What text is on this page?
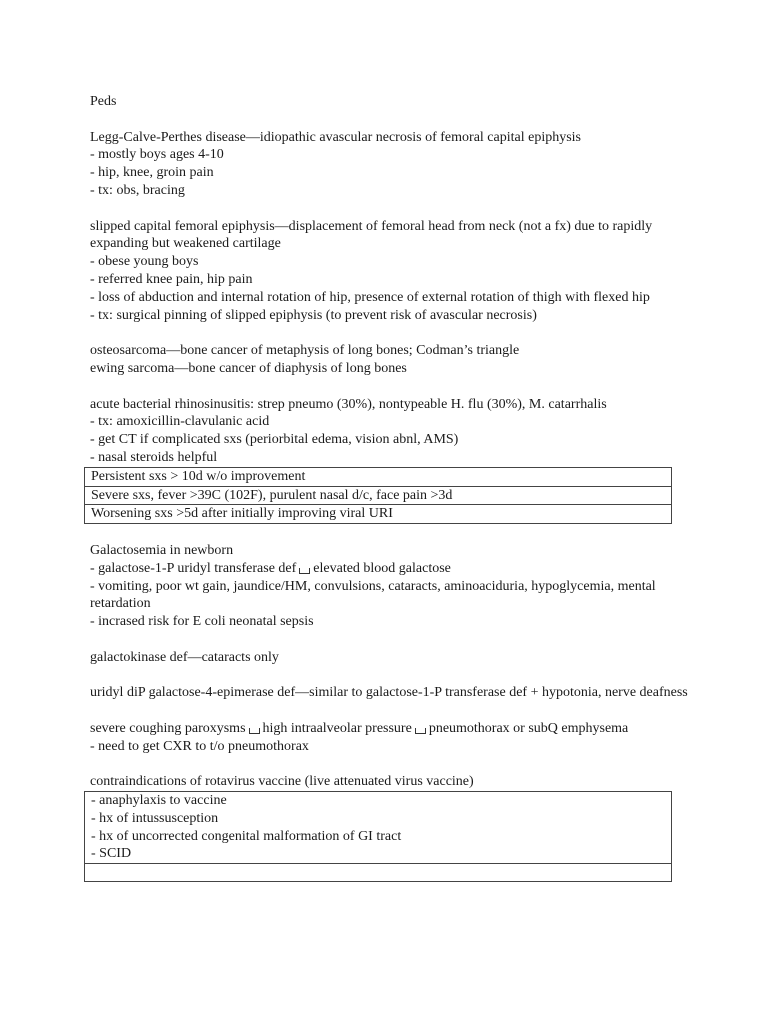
Peds
Legg-Calve-Perthes disease—idiopathic avascular necrosis of femoral capital epiphysis
- mostly boys ages 4-10
- hip, knee, groin pain
- tx: obs, bracing
slipped capital femoral epiphysis—displacement of femoral head from neck (not a fx) due to rapidly expanding but weakened cartilage
- obese young boys
- referred knee pain, hip pain
- loss of abduction and internal rotation of hip, presence of external rotation of thigh with flexed hip
- tx: surgical pinning of slipped epiphysis (to prevent risk of avascular necrosis)
osteosarcoma—bone cancer of metaphysis of long bones; Codman’s triangle
ewing sarcoma—bone cancer of diaphysis of long bones
acute bacterial rhinosinusitis: strep pneumo (30%), nontypeable H. flu (30%), M. catarrhalis
- tx: amoxicillin-clavulanic acid
- get CT if complicated sxs (periorbital edema, vision abnl, AMS)
- nasal steroids helpful
Persistent sxs > 10d w/o improvement
Severe sxs, fever >39C (102F), purulent nasal d/c, face pain >3d
Worsening sxs >5d after initially improving viral URI
Galactosemia in newborn
- galactose-1-P uridyl transferase def elevated blood galactose
- vomiting, poor wt gain, jaundice/HM, convulsions, cataracts, aminoaciduria, hypoglycemia, mental retardation
- incrased risk for E coli neonatal sepsis
galactokinase def—cataracts only
uridyl diP galactose-4-epimerase def—similar to galactose-1-P transferase def + hypotonia, nerve deafness
severe coughing paroxysms high intraalveolar pressure pneumothorax or subQ emphysema
- need to get CXR to t/o pneumothorax
contraindications of rotavirus vaccine (live attenuated virus vaccine)
- anaphylaxis to vaccine
- hx of intussusception
- hx of uncorrected congenital malformation of GI tract
- SCID
